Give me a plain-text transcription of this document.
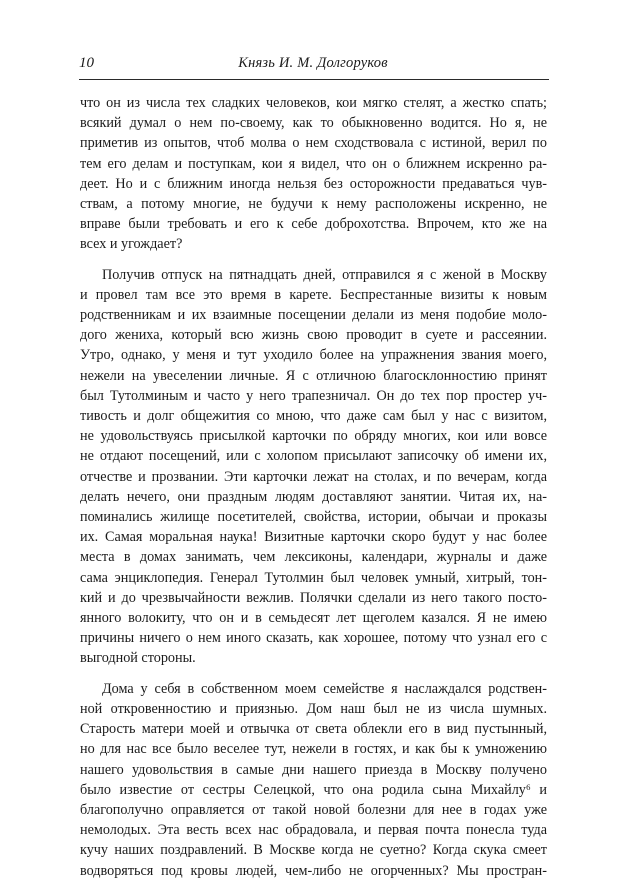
10	Князь И. М. Долгоруков
что он из числа тех сладких человеков, кои мягко стелят, а жестко спать;
всякий думал о нем по-своему, как то обыкновенно водится. Но я, не
приметив из опытов, чтоб молва о нем сходствовала с истиной, верил по
тем его делам и поступкам, кои я видел, что он о ближнем искренно ра-
деет. Но и с ближним иногда нельзя без осторожности предаваться чув-
ствам, а потому многие, не будучи к нему расположены искренно, не
вправе были требовать и его к себе доброхотства. Впрочем, кто же на
всех и угождает?
Получив отпуск на пятнадцать дней, отправился я с женой в Москву
и провел там все это время в карете. Беспрестанные визиты к новым
родственникам и их взаимные посещении делали из меня подобие моло-
дого жениха, который всю жизнь свою проводит в суете и рассеянии.
Утро, однако, у меня и тут уходило более на упражнения звания моего,
нежели на увеселении личные. Я с отличною благосклонностию принят
был Тутолминым и часто у него трапезничал. Он до тех пор простер уч-
тивость и долг общежития со мною, что даже сам был у нас с визитом,
не удовольствуясь присылкой карточки по обряду многих, кои или вовсе
не отдают посещений, или с холопом присылают записочку об имени их,
отчестве и прозвании. Эти карточки лежат на столах, и по вечерам, когда
делать нечего, они праздным людям доставляют занятии. Читая их, на-
поминались жилище посетителей, свойства, истории, обычаи и проказы
их. Самая моральная наука! Визитные карточки скоро будут у нас более
места в домах занимать, чем лексиконы, календари, журналы и даже
сама энциклопедия. Генерал Тутолмин был человек умный, хитрый, тон-
кий и до чрезвычайности вежлив. Полячки сделали из него такого посто-
янного волокиту, что он и в семьдесят лет щеголем казался. Я не имею
причины ничего о нем иного сказать, как хорошее, потому что узнал его с
выгодной стороны.
Дома у себя в собственном моем семействе я наслаждался родствен-
ной откровенностию и приязнью. Дом наш был не из числа шумных.
Старость матери моей и отвычка от света облекли его в вид пустынный,
но для нас все было веселее тут, нежели в гостях, и как бы к умножению
нашего удовольствия в самые дни нашего приезда в Москву получено
было известие от сестры Селецкой, что она родила сына Михайлу⁶ и
благополучно оправляется от такой новой болезни для нее в годах уже
немолодых. Эта весть всех нас обрадовала, и первая почта понесла туда
кучу наших поздравлений. В Москве когда не суетно? Когда скука смеет
водворяться под кровы людей, чем-либо не огорченных? Мы простран-
